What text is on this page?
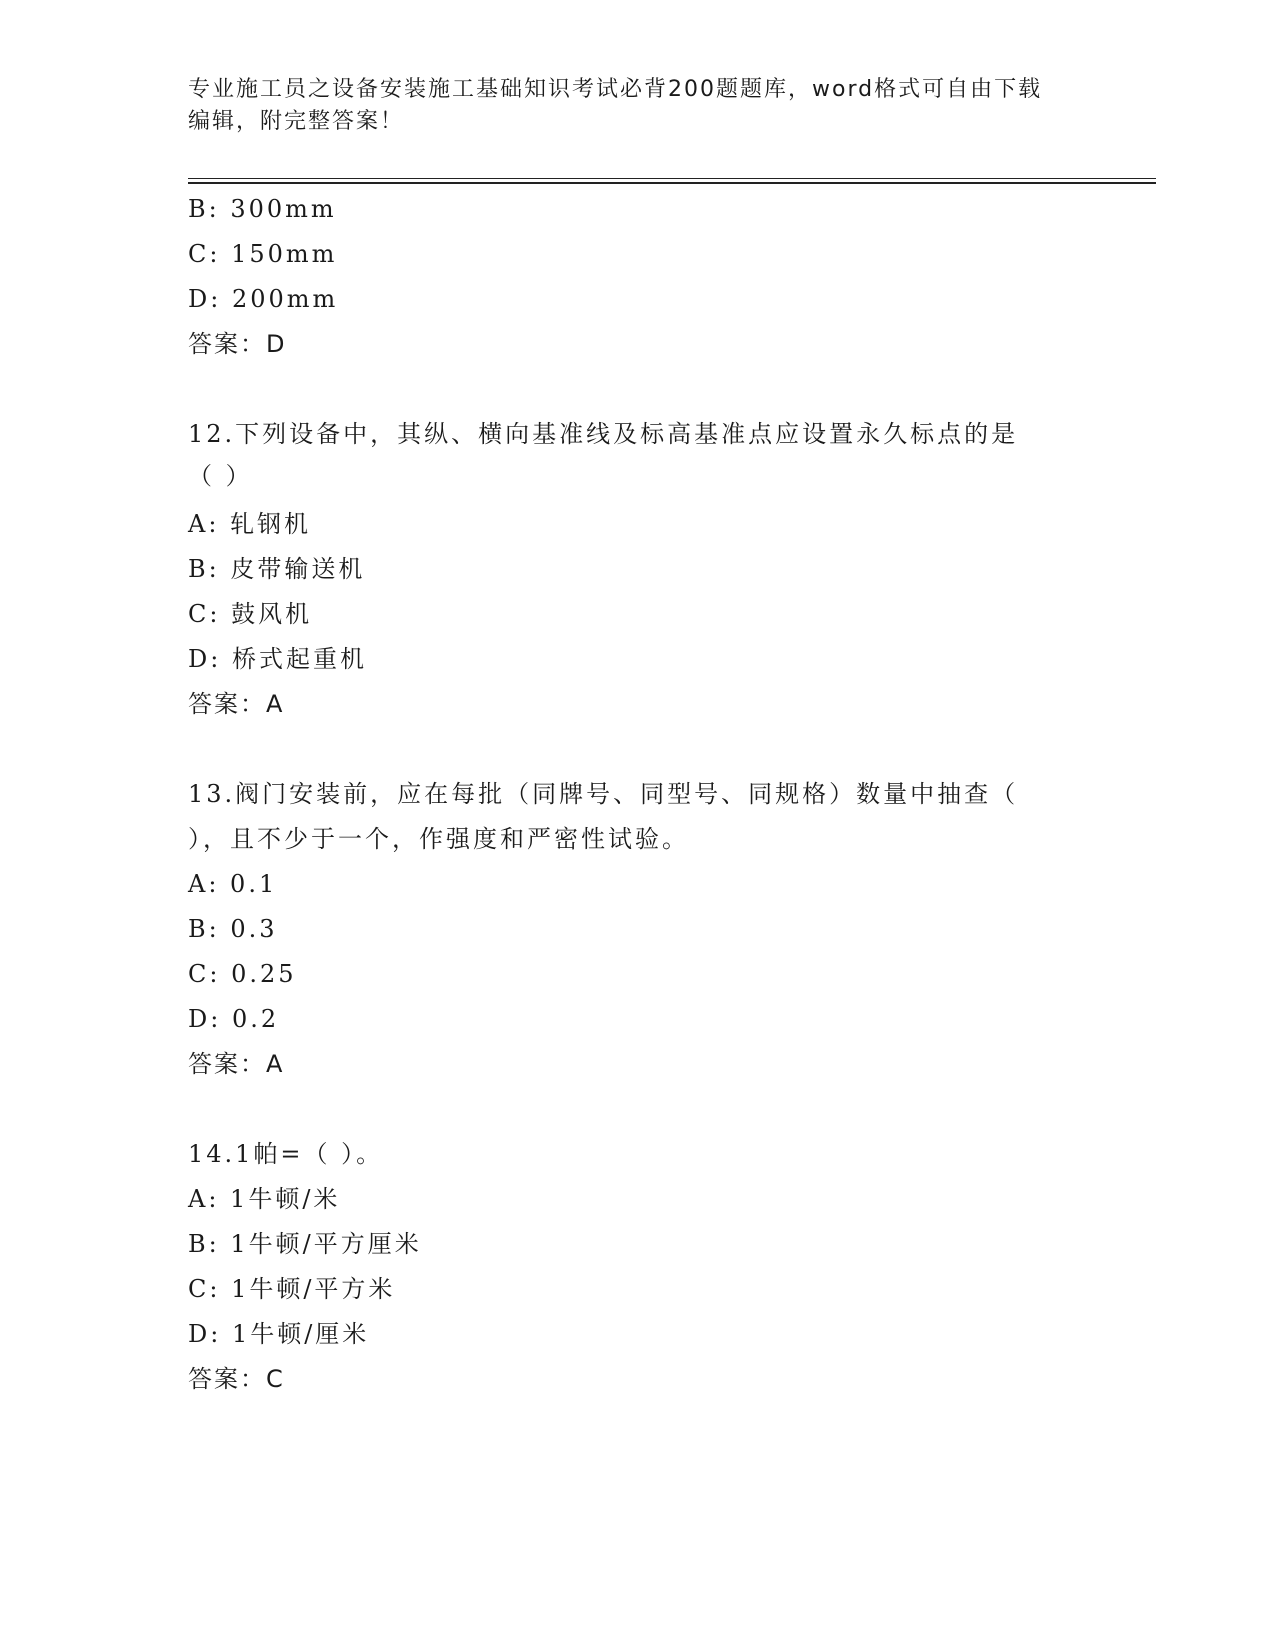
专业施工员之设备安装施工基础知识考试必背200题题库，word格式可自由下载
编辑，附完整答案！
B: 300mm
C: 150mm
D: 200mm
答案：D
12.下列设备中，其纵、横向基准线及标高基准点应设置永久标点的是
（ ）
A: 轧钢机
B: 皮带输送机
C: 鼓风机
D: 桥式起重机
答案：A
13.阀门安装前，应在每批（同牌号、同型号、同规格）数量中抽查（
），且不少于一个，作强度和严密性试验。
A: 0.1
B: 0.3
C: 0.25
D: 0.2
答案：A
14.1帕=（ ）。
A: 1牛顿/米
B: 1牛顿/平方厘米
C: 1牛顿/平方米
D: 1牛顿/厘米
答案：C
